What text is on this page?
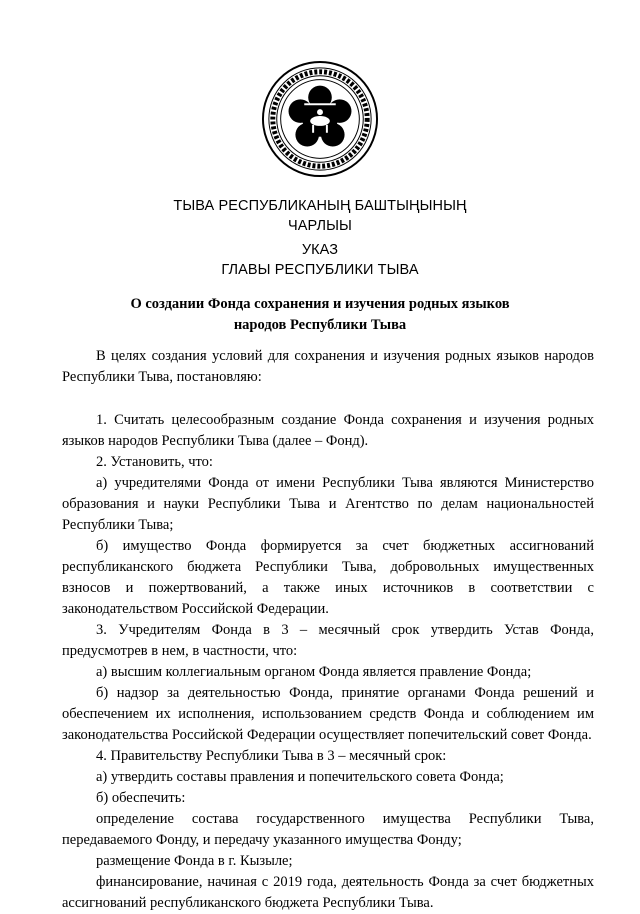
ТЫВА РЕСПУБЛИКАНЫҢ БАШТЫҢЫНЫҢ
ЧАРЛЫЫ
УКАЗ
ГЛАВЫ РЕСПУБЛИКИ ТЫВА
О создании Фонда сохранения и изучения родных языков
народов Республики Тыва

В целях создания условий для сохранения и изучения родных языков народов Республики Тыва, постановляю:

1. Считать целесообразным создание Фонда сохранения и изучения родных языков народов Республики Тыва (далее – Фонд).

2. Установить, что:

а) учредителями Фонда от имени Республики Тыва являются Министерство образования и науки Республики Тыва и Агентство по делам национальностей Республики Тыва;

б) имущество Фонда формируется за счет бюджетных ассигнований республиканского бюджета Республики Тыва, добровольных имущественных взносов и пожертвований, а также иных источников в соответствии с законодательством Российской Федерации.

3. Учредителям Фонда в 3 – месячный срок утвердить Устав Фонда, предусмотрев в нем, в частности, что:

а) высшим коллегиальным органом Фонда является правление Фонда;

б) надзор за деятельностью Фонда, принятие органами Фонда решений и обеспечением их исполнения, использованием средств Фонда и соблюдением им законодательства Российской Федерации осуществляет попечительский совет Фонда.

4. Правительству Республики Тыва в 3 – месячный срок:

а) утвердить составы правления и попечительского совета Фонда;

б) обеспечить:

определение состава государственного имущества Республики Тыва, передаваемого Фонду, и передачу указанного имущества Фонду;

размещение Фонда в г. Кызыле;

финансирование, начиная с 2019 года, деятельность Фонда за счет бюджетных ассигнований республиканского бюджета Республики Тыва.
